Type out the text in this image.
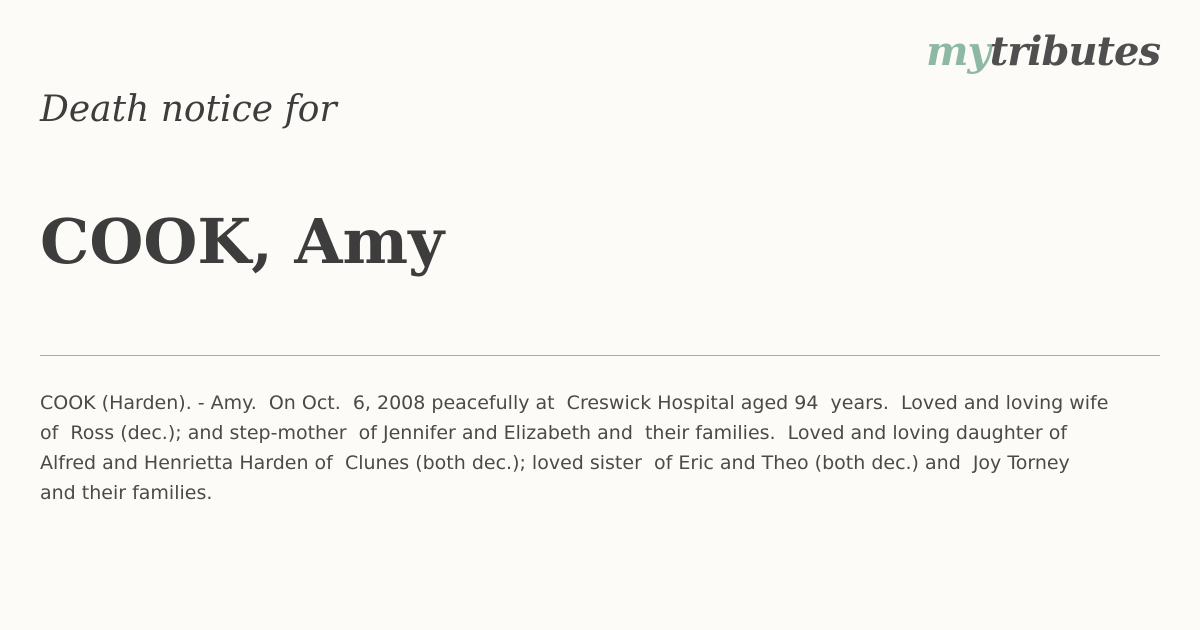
mytributes
Death notice for
COOK, Amy

COOK (Harden). - Amy.  On Oct.  6, 2008 peacefully at  Creswick Hospital aged 94  years.  Loved and loving wife of  Ross (dec.); and step-mother  of Jennifer and Elizabeth and  their families.  Loved and loving daughter of  Alfred and Henrietta Harden of  Clunes (both dec.); loved sister  of Eric and Theo (both dec.) and  Joy Torney and their families.
